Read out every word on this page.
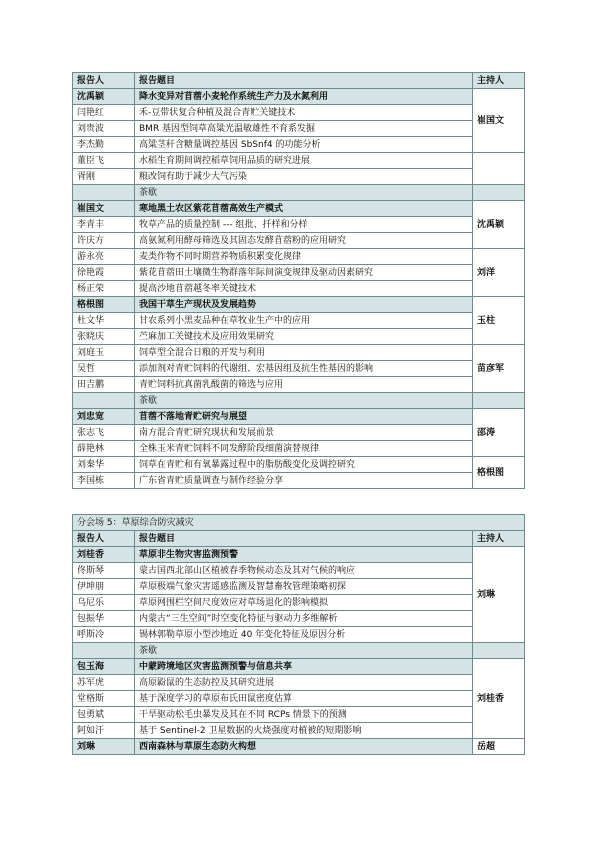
报告人	报告题目	主持人	
沈禹颖	降水变异对苜蓿小麦轮作系统生产力及水氮利用	崔国文	
闫艳红	禾-豆带状复合种植及混合青贮关键技术		
刘贵波	BMR 基因型饲草高粱光温敏雄性不育系发掘		
李杰勤	高粱茎秆含糖量调控基因 SbSnf4 的功能分析	
董臣飞	水稻生育期间调控稻草饲用品质的研究进展		
胥刚	粮改饲有助于减少大气污染		
	茶歇		
崔国文	寒地黑土农区紫花苜蓿高效生产模式	沈禹颖	
李青丰	牧草产品的质量控制 --- 组批、扦样和分样		
许庆方	高氨氮利用酵母筛选及其固态发酵苜蓿粉的应用研究		
游永亮	麦类作物不同时期营养物质积累变化规律	刘洋	
徐艳霞	紫花苜蓿田土壤微生物群落年际间演变规律及驱动因素研究		
杨正荣	提高沙地苜蓿越冬率关键技术		
格根图	我国干草生产现状及发展趋势	玉柱	
杜文华	甘农系列小黑麦品种在草牧业生产中的应用		
张晓庆	苎麻加工关键技术及应用效果研究		
刘庭玉	饲草型全混合日粮的开发与利用	苗彦军	
吴哲	添加剂对青贮饲料的代谢组、宏基因组及抗生性基因的影响		
田吉鹏	青贮饲料抗真菌乳酸菌的筛选与应用		
	茶歇		
刘忠宽	苜蓿不落地青贮研究与展望	邵涛	
张志飞	南方混合青贮研究现状和发展前景		
薛艳林	全株玉米青贮饲料不同发酵阶段细菌演替规律		
刘秦华	饲草在青贮和有氧暴露过程中的脂肪酸变化及调控研究	格根图	
李国栋	广东省青贮质量调查与制作经验分享		
分会场 5：草原综合防灾减灾		
报告人	报告题目	主持人
刘桂香	草原非生物灾害监测预警	刘琳
佟斯琴	蒙古国西北部山区植被春季物候动态及其对气候的响应	
伊坤朋	草原极端气象灾害遥感监测及智慧畜牧管理策略初探	
乌尼乐	草原网围栏空间尺度效应对草场退化的影响模拟	
包振华	内蒙古“三生空间”时空变化特征与驱动力多维解析	
呼斯冷	锡林郭勒草原小型沙地近 40 年变化特征及原因分析	
	茶歇	
包玉海	中蒙跨境地区灾害监测预警与信息共享	刘桂香
苏军虎	高原鼢鼠的生态防控及其研究进展	
堂格斯	基于深度学习的草原布氏田鼠密度估算	
包勇斌	干旱驱动松毛虫暴发及其在不同 RCPs 情景下的预测	
阿如汗	基于 Sentinel-2 卫星数据的火烧强度对植被的短期影响	
刘琳	西南森林与草原生态防火构想	岳超
